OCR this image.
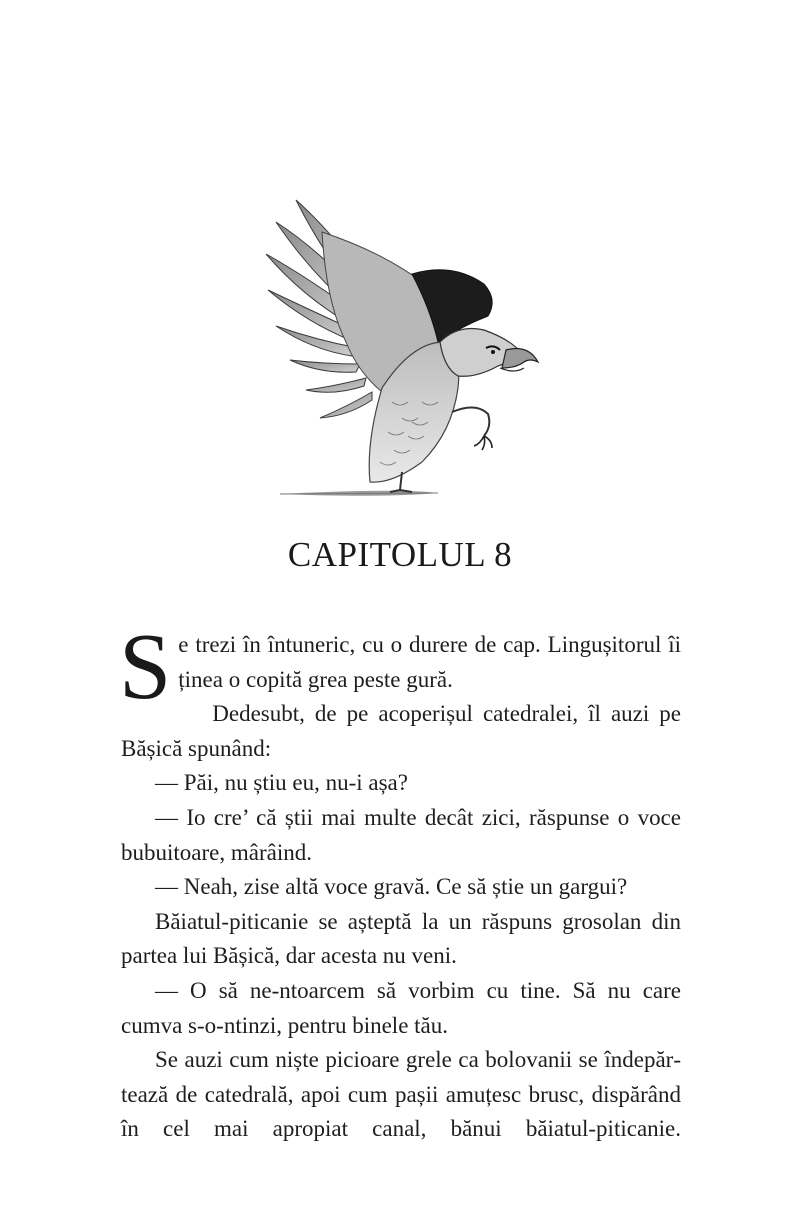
CAPITOLUL 8

Se trezi în întuneric, cu o durere de cap. Lingușitorul îi ținea o copită grea peste gură.

Dedesubt, de pe acoperișul catedralei, îl auzi pe Bășică spunând:

— Păi, nu știu eu, nu-i așa?

— Io cre’ că știi mai multe decât zici, răspunse o voce bubuitoare, mârâind.

— Neah, zise altă voce gravă. Ce să știe un gargui?

Băiatul-piticanie se așteptă la un răspuns grosolan din partea lui Bășică, dar acesta nu veni.

— O să ne-ntoarcem să vorbim cu tine. Să nu care cumva s-o-ntinzi, pentru binele tău.

Se auzi cum niște picioare grele ca bolovanii se îndepărtează de catedrală, apoi cum pașii amuțesc brusc, dispărând în cel mai apropiat canal, bănui băiatul-piticanie.
